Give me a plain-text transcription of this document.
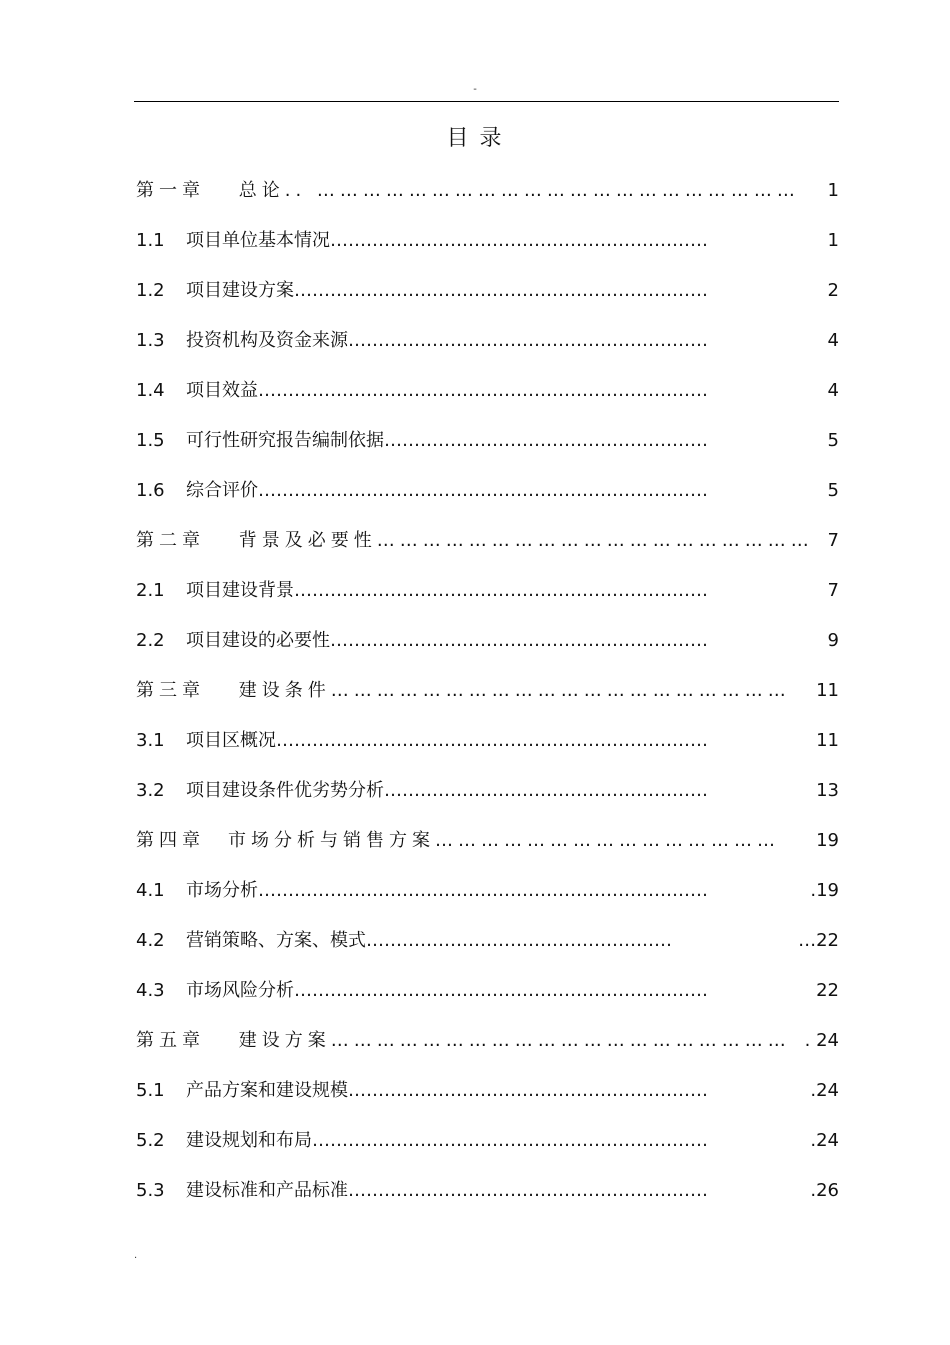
-
目 录
第一章　 总论.. ……………………………………………………… 1
1.1 项目单位基本情况………………………………………………………	1
1.2 项目建设方案……………………………………………………………	2
1.3 投资机构及资金来源……………………………………………………	4
1.4 项目效益…………………………………………………………………	4
1.5 可行性研究报告编制依据………………………………………………	5
1.6 综合评价…………………………………………………………………	5
第二章　 背景及必要性………………………………………………… 7
2.1 项目建设背景……………………………………………………………	7
2.2 项目建设的必要性………………………………………………………	9
第三章　 建设条件…………………………………………………… 11
3.1 项目区概况………………………………………………………………	11
3.2 项目建设条件优劣势分析………………………………………………	13
第四章　市场分析与销售方案……………………………………… 19
4.1 市场分析…………………………………………………………………	.19
4.2 营销策略、方案、模式……………………………………………	…22
4.3 市场风险分析……………………………………………………………	22
第五章　 建设方案…………………………………………………… . 24
5.1 产品方案和建设规模……………………………………………………	.24
5.2 建设规划和布局…………………………………………………………	.24
5.3 建设标准和产品标准……………………………………………………	.26
.
